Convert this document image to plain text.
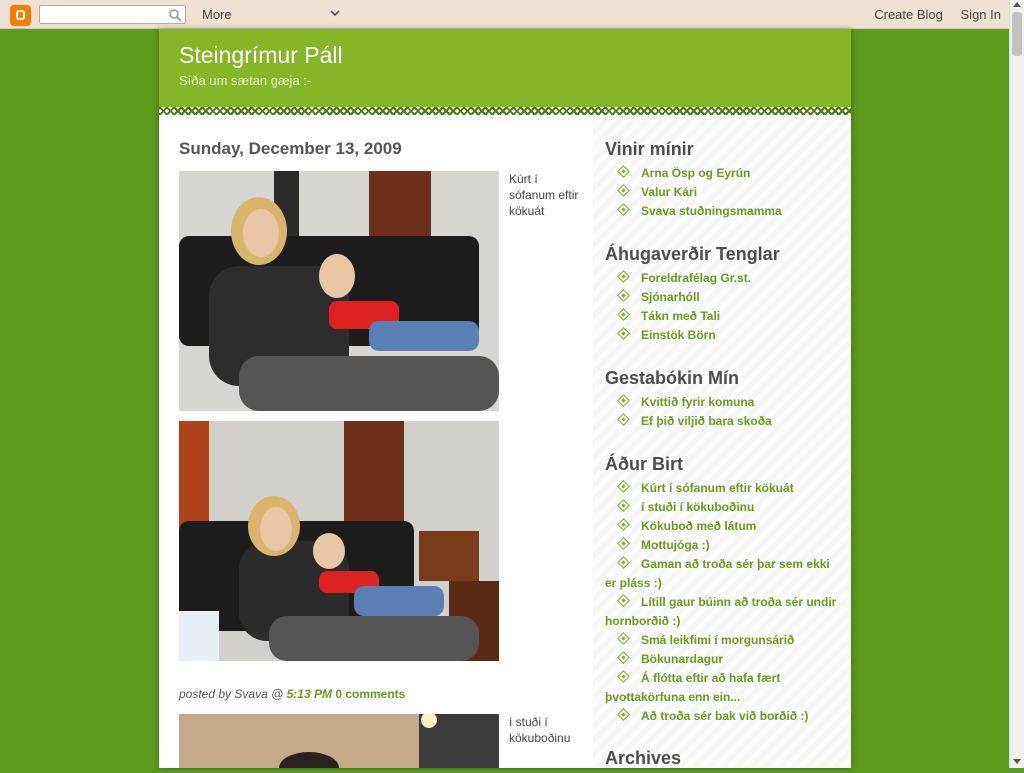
More	Create Blog Sign In
Steingrímur Páll
Síða um sætan gæja :-
Sunday, December 13, 2009
Kúrt í sófanum eftir kökuát
posted by Svava @ 5:13 PM 0 comments
í stuði í kökuboðinu
Vinir mínir
Arna Ösp og Eyrún
Valur Kári
Svava stuðningsmamma
Áhugaverðir Tenglar
Foreldrafélag Gr.st.
Sjónarhóll
Tákn með Tali
Einstök Börn
Gestabókin Mín
Kvittið fyrir komuna
Ef þið viljið bara skoða
Áður Birt
Kúrt í sófanum eftir kökuát
í stuði í kökuboðinu
Kökuboð með látum
Mottujóga :)
Gaman að troða sér þar sem ekki er pláss :)
Lítill gaur búinn að troða sér undir hornborðið :)
Smá leikfimi í morgunsárið
Bökunardagur
Á flótta eftir að hafa fært þvottakörfuna enn ein...
Að troða sér bak við borðið :)
Archives
